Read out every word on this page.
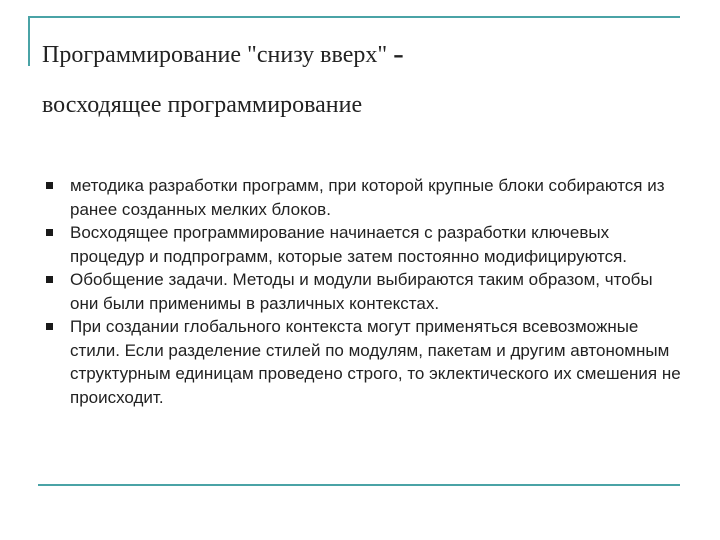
Программирование "снизу вверх" -
восходящее программирование
методика разработки программ, при которой крупные блоки собираются из ранее созданных мелких блоков.
Восходящее программирование начинается с разработки ключевых процедур и подпрограмм, которые затем постоянно модифицируются.
Обобщение задачи. Методы и модули выбираются таким образом, чтобы они были применимы в различных контекстах.
При создании глобального контекста могут применяться всевозможные стили. Если разделение стилей по модулям, пакетам и другим автономным структурным единицам проведено строго, то эклектического их смешения не происходит.
